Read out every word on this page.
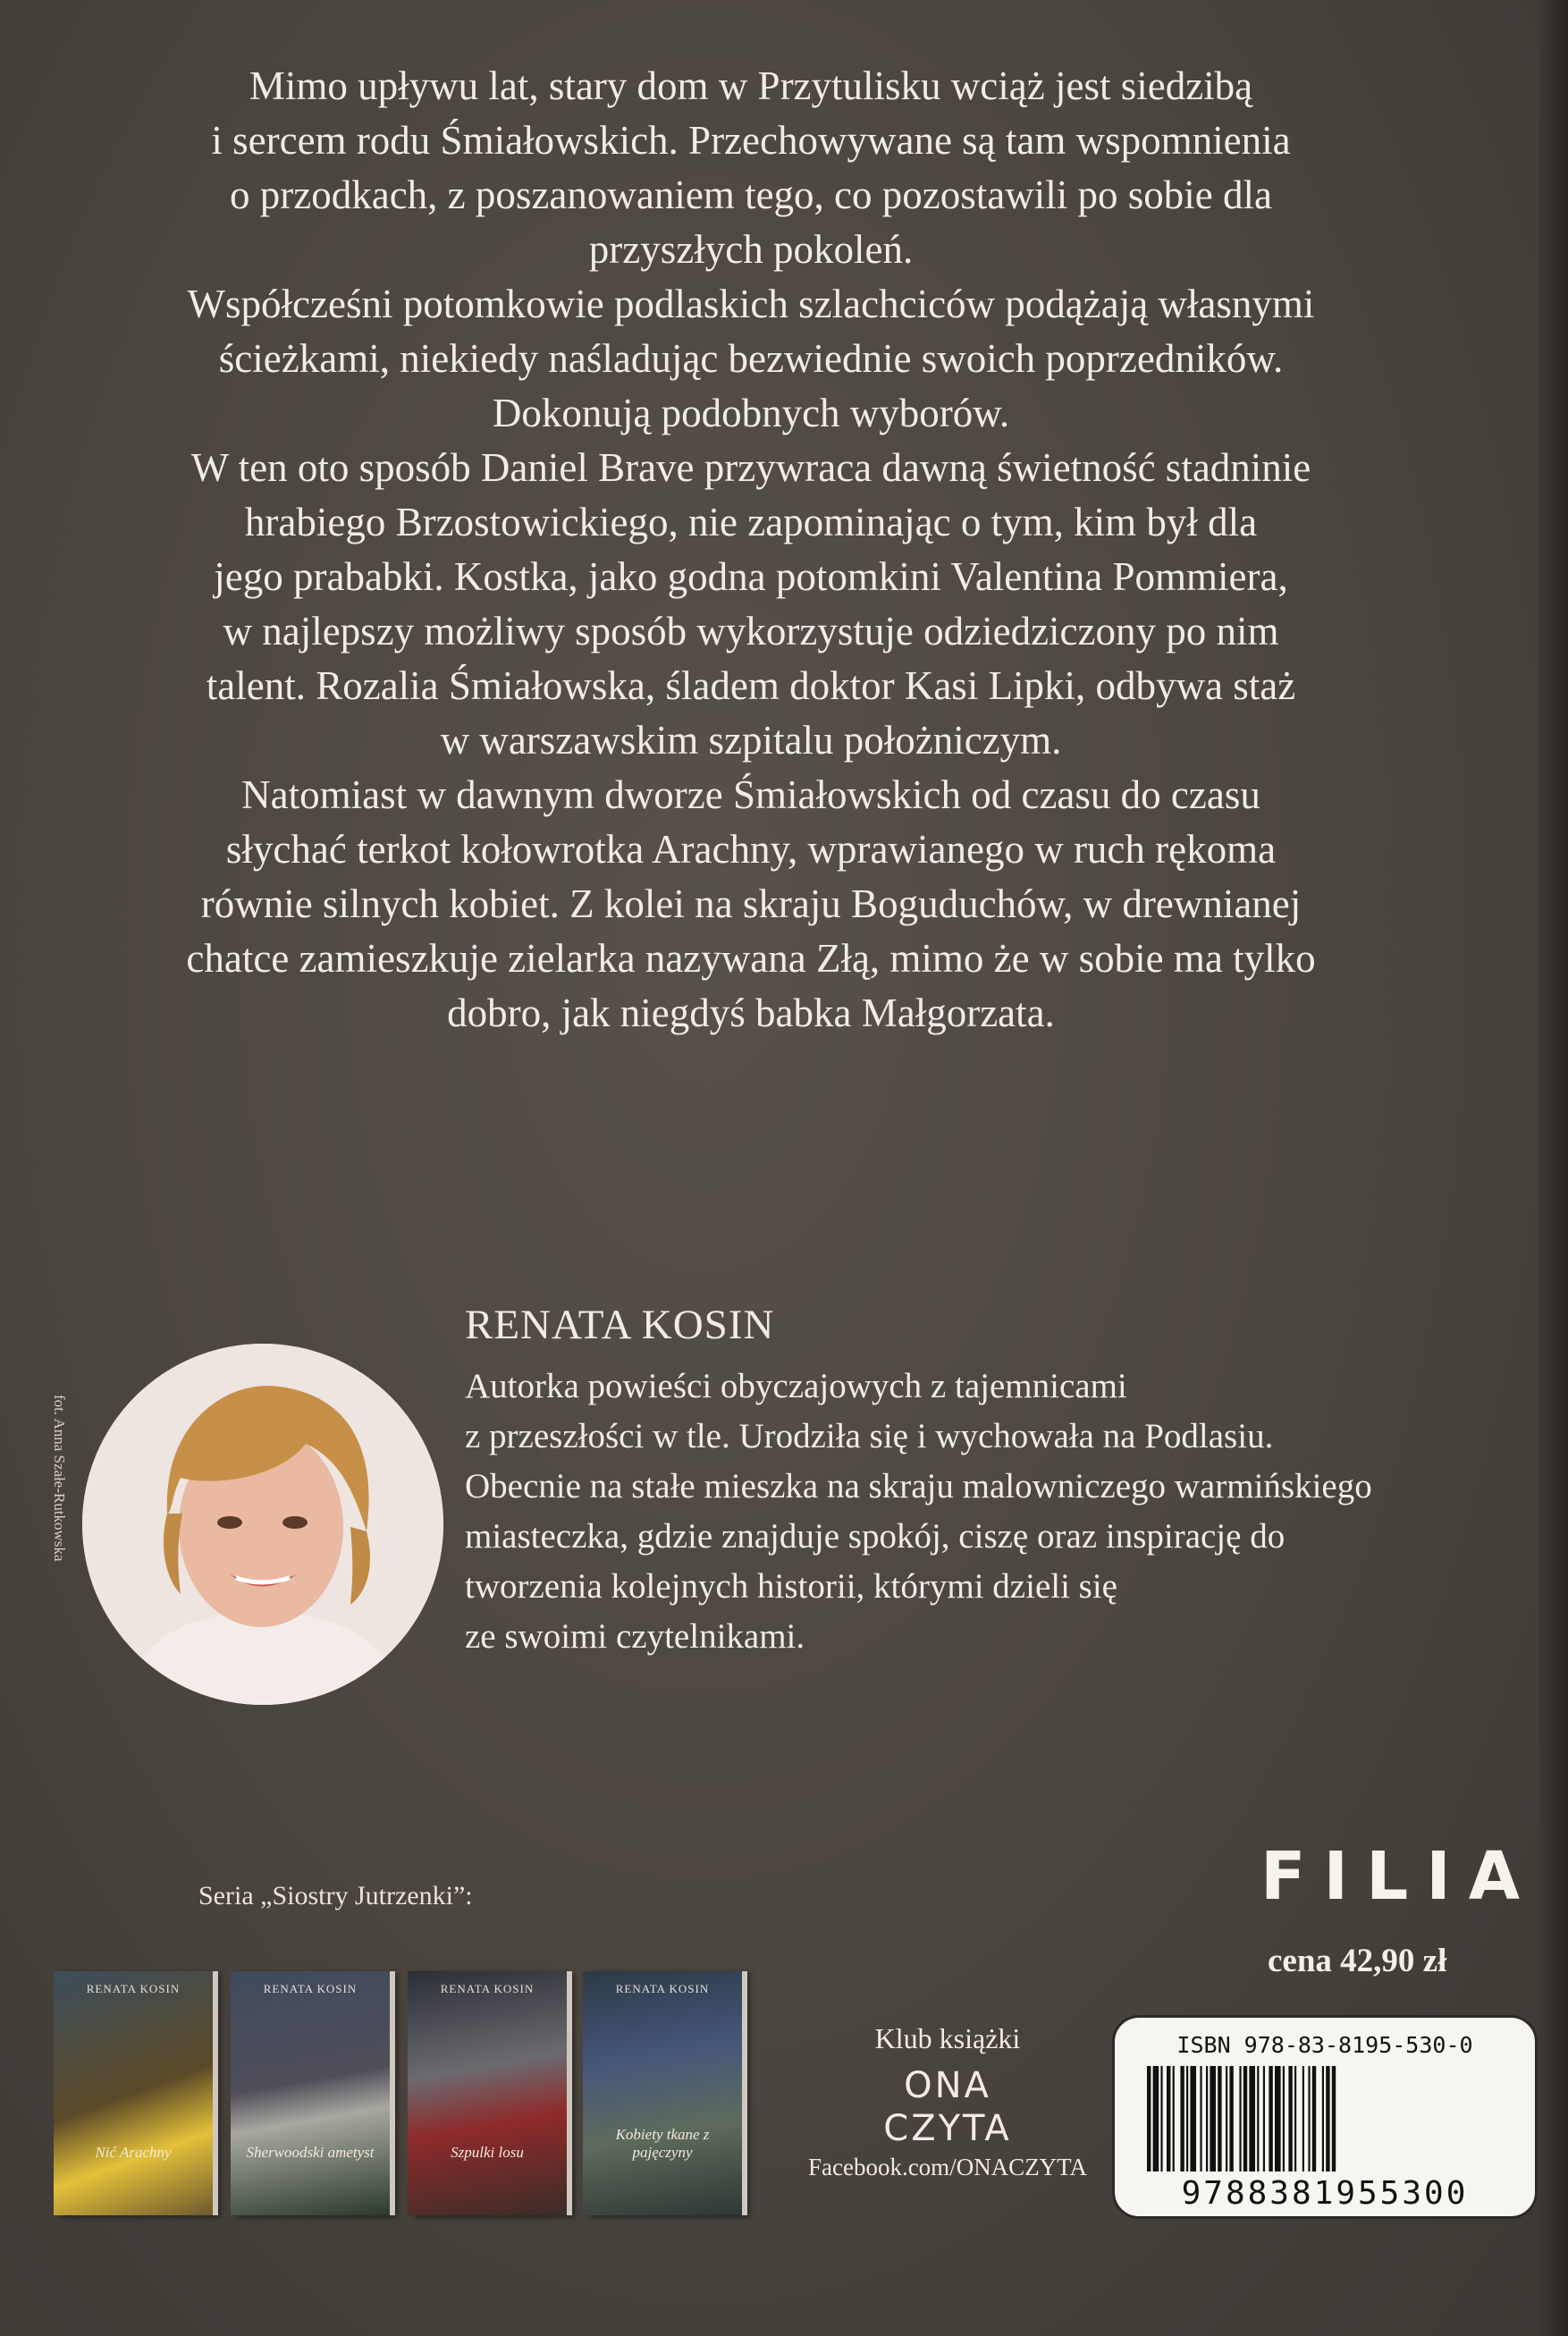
Mimo upływu lat, stary dom w Przytulisku wciąż jest siedzibą
i sercem rodu Śmiałowskich. Przechowywane są tam wspomnienia
o przodkach, z poszanowaniem tego, co pozostawili po sobie dla
przyszłych pokoleń.
Współcześni potomkowie podlaskich szlachciców podążają własnymi
ścieżkami, niekiedy naśladując bezwiednie swoich poprzedników.
Dokonują podobnych wyborów.
W ten oto sposób Daniel Brave przywraca dawną świetność stadninie
hrabiego Brzostowickiego, nie zapominając o tym, kim był dla
jego prababki. Kostka, jako godna potomkini Valentina Pommiera,
w najlepszy możliwy sposób wykorzystuje odziedziczony po nim
talent. Rozalia Śmiałowska, śladem doktor Kasi Lipki, odbywa staż
w warszawskim szpitalu położniczym.
Natomiast w dawnym dworze Śmiałowskich od czasu do czasu
słychać terkot kołowrotka Arachny, wprawianego w ruch rękoma
równie silnych kobiet. Z kolei na skraju Boguduchów, w drewnianej
chatce zamieszkuje zielarka nazywana Złą, mimo że w sobie ma tylko
dobro, jak niegdyś babka Małgorzata.
fot. Anna Szałe-Rutkowska
RENATA KOSIN
Autorka powieści obyczajowych z tajemnicami
z przeszłości w tle. Urodziła się i wychowała na Podlasiu.
Obecnie na stałe mieszka na skraju malowniczego warmińskiego
miasteczka, gdzie znajduje spokój, ciszę oraz inspirację do
tworzenia kolejnych historii, którymi dzieli się
ze swoimi czytelnikami.
Seria „Siostry Jutrzenki”:
RENATA KOSIN
Nić Arachny
RENATA KOSIN
Sherwoodski ametyst
RENATA KOSIN
Szpulki losu
RENATA KOSIN
Kobiety tkane z pajęczyny
Klub książki
ONA
CZYTA
Facebook.com/ONACZYTA
FILIA
cena 42,90 zł
ISBN 978-83-8195-530-0
9788381955300
